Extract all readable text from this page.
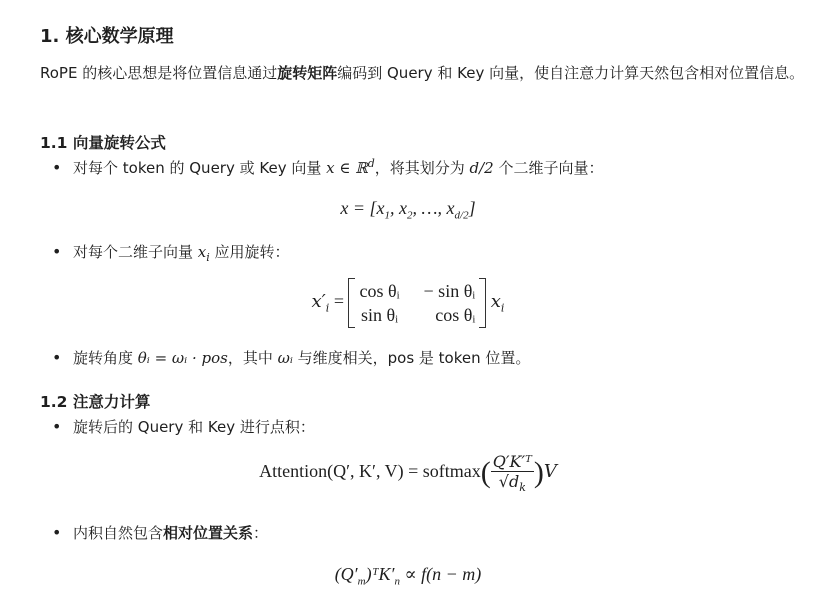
1. 核心数学原理
RoPE 的核心思想是将位置信息通过旋转矩阵编码到 Query 和 Key 向量，使自注意力计算天然包含相对位置信息。
1.1 向量旋转公式
• 对每个 token 的 Query 或 Key 向量 x ∈ ℝ$^d$，将其划分为 d/2 个二维子向量：
$x = [x_1$, $x_2$, …, $x_{d/2}$]
• 对每个二维子向量 $x_i$ 应用旋转：
$x'_i$ =
cos θᵢ − sin θᵢ
sin θᵢ	cos θᵢ
$x_i$
• 旋转角度 θᵢ = ωᵢ · pos，其中 ωᵢ 与维度相关，pos 是 token 位置。
1.2 注意力计算
• 旋转后的 Query 和 Key 进行点积：
Attention(Q′, K′, V) = softmax( $\frac{\text{Q′K′ᵀ}}{√d_k} )V$
• 内积自然包含相对位置关系：
$(Q'_m)ᵀK'_n \propto f(n - m)$
